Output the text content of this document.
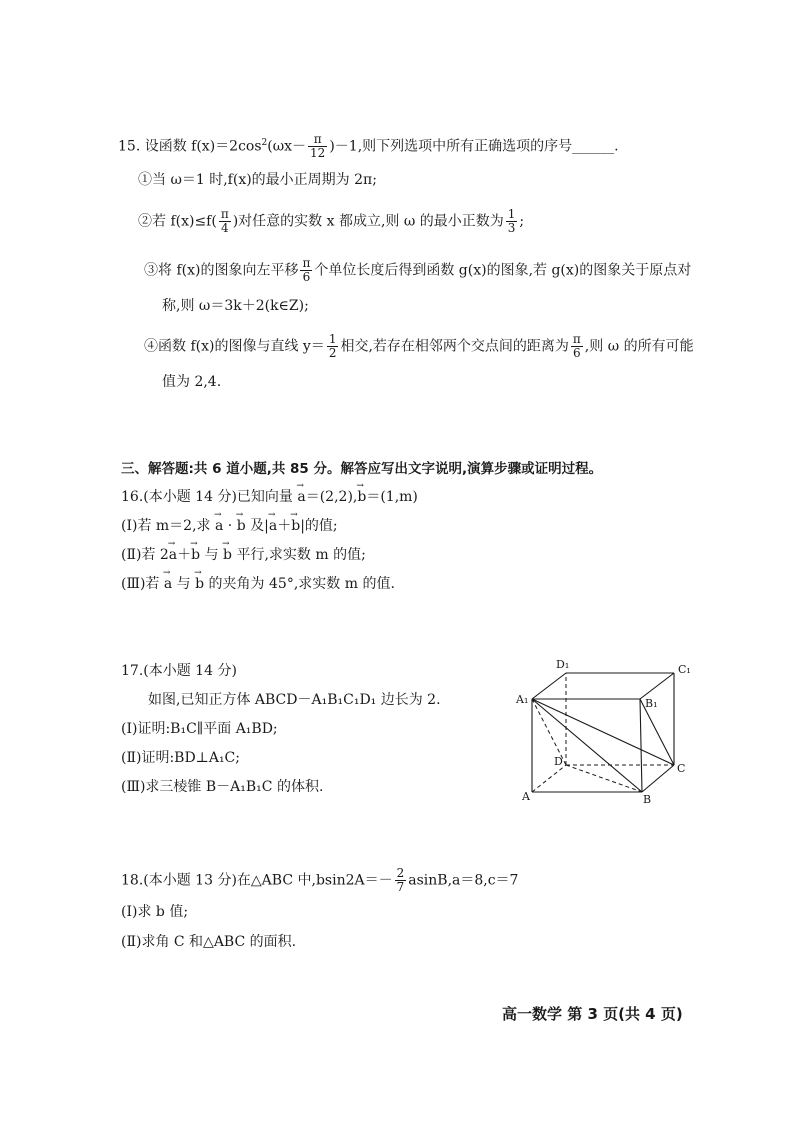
15. 设函数 $f(x)=2\cos^2(\omega x- \frac{\pi}{12} )-1$,则下列选项中所有正确选项的序号______.
①当 ω＝1 时,f(x)的最小正周期为 2π;
②若 $f(x)\le f( \frac{\pi}{4}$ )对任意的实数 x 都成立,则 ω 的最小正数为 $\frac{1}{3}$ ;
③将 f(x)的图象向左平移 $\frac{\pi}{6}$ 个单位长度后得到函数 g(x)的图象,若 g(x)的图象关于原点对
称,则 ω＝3k＋2(k∈Z);
④函数 f(x)的图像与直线 $y= \frac{1}{2}$ 相交,若存在相邻两个交点间的距离为 $\frac{\pi}{6}$ ,则 ω 的所有可能
值为 2,4.
三、解答题:共 6 道小题,共 85 分。解答应写出文字说明,演算步骤或证明过程。
16.(本小题 14 分)已知向量 → a＝(2,2),→ b＝(1,m)
(Ⅰ)若 m＝2,求 → a · → b 及|→ a＋→ b|的值;
(Ⅱ)若 2→ a＋→ b 与 → b 平行,求实数 m 的值;
(Ⅲ)若 → a 与 → b 的夹角为 45°,求实数 m 的值.
17.(本小题 14 分)
如图,已知正方体 ABCD－A₁B₁C₁D₁ 边长为 2.
(Ⅰ)证明:B₁C∥平面 A₁BD;
(Ⅱ)证明:BD⊥A₁C;
(Ⅲ)求三棱锥 B－A₁B₁C 的体积.
D₁	C₁
A₁	B₁
D
C
A	B
18.(本小题 13 分)在△ABC 中$,bsin2A=- \frac{2}{7} asinB,a=8,c=7$
(Ⅰ)求 b 值;
(Ⅱ)求角 C 和△ABC 的面积.
高一数学 第 3 页(共 4 页)
